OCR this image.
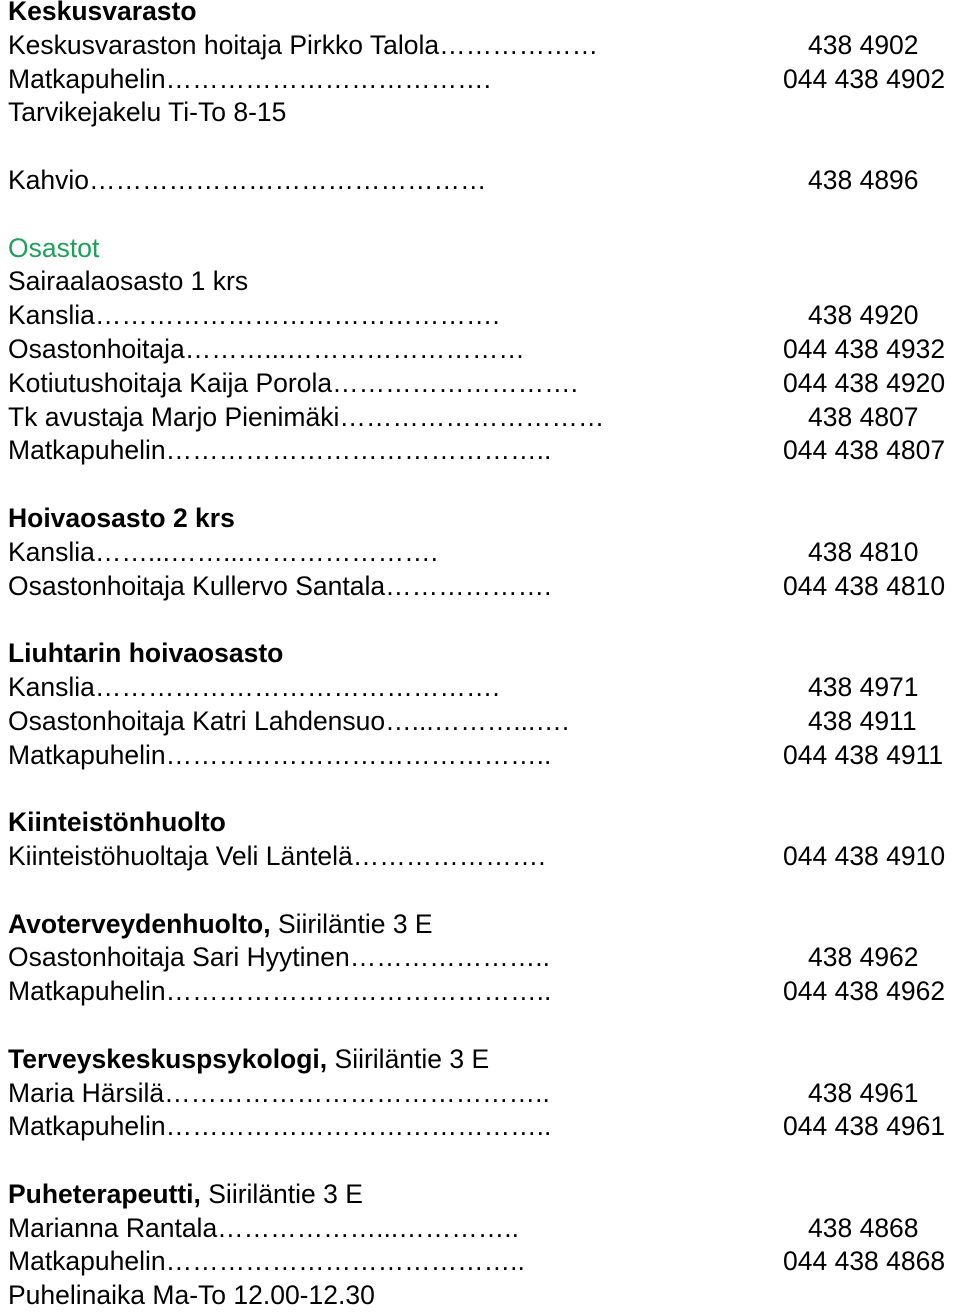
Keskusvarasto
Keskusvaraston hoitaja Pirkko Talola………………	438 4902
Matkapuhelin……………………………….	044 438 4902
Tarvikejakelu Ti-To 8-15
Kahvio………………………………………	438 4896
Osastot
Sairaalaosasto 1 krs
Kanslia……………………………………….	438 4920
Osastonhoitaja………...………………………	044 438 4932
Kotiutushoitaja Kaija Porola……………………….	044 438 4920
Tk avustaja Marjo Pienimäki…………………………	438 4807
Matkapuhelin……………………………………..	044 438 4807
Hoivaosasto 2 krs
Kanslia……...……...………………….	438 4810
Osastonhoitaja Kullervo Santala……………….	044 438 4810
Liuhtarin hoivaosasto
Kanslia……………………………………….	438 4971
Osastonhoitaja Katri Lahdensuo…...………...….	438 4911
Matkapuhelin……………………………………..	044 438 4911
Kiinteistönhuolto
Kiinteistöhuoltaja Veli Läntelä………………….	044 438 4910
Avoterveydenhuolto, Siiriläntie 3 E
Osastonhoitaja Sari Hyytinen…………………..	438 4962
Matkapuhelin……………………………………..	044 438 4962
Terveyskeskuspsykologi, Siiriläntie 3 E
Maria Härsilä……………………………………..	438 4961
Matkapuhelin……………………………………..	044 438 4961
Puheterapeutti, Siiriläntie 3 E
Marianna Rantala………………...…………..	438 4868
Matkapuhelin…………………………………..	044 438 4868
Puhelinaika Ma-To 12.00-12.30
